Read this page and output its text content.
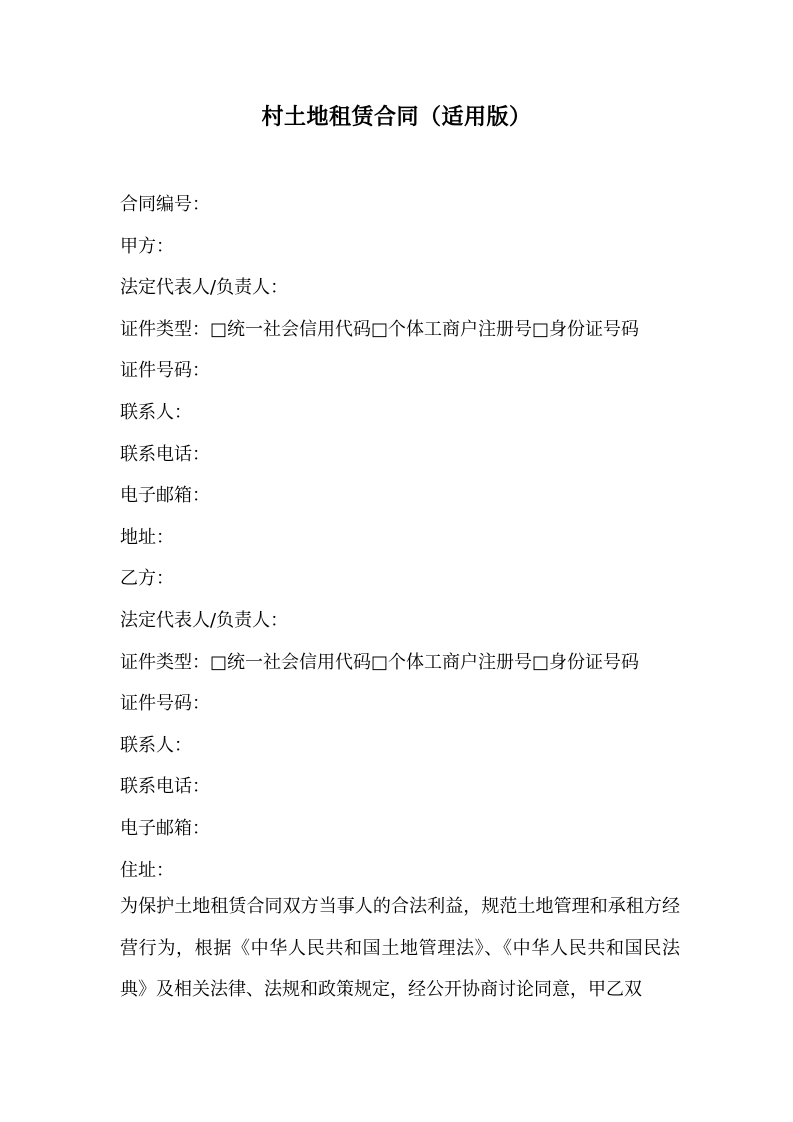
村土地租赁合同（适用版）
合同编号：
甲方：
法定代表人/负责人：
证件类型：□统一社会信用代码□个体工商户注册号□身份证号码
证件号码：
联系人：
联系电话：
电子邮箱：
地址：
乙方：
法定代表人/负责人：
证件类型：□统一社会信用代码□个体工商户注册号□身份证号码
证件号码：
联系人：
联系电话：
电子邮箱：
住址：

为保护土地租赁合同双方当事人的合法利益，规范土地管理和承租方经营行为，根据《中华人民共和国土地管理法》、《中华人民共和国民法典》及相关法律、法规和政策规定，经公开协商讨论同意，甲乙双
